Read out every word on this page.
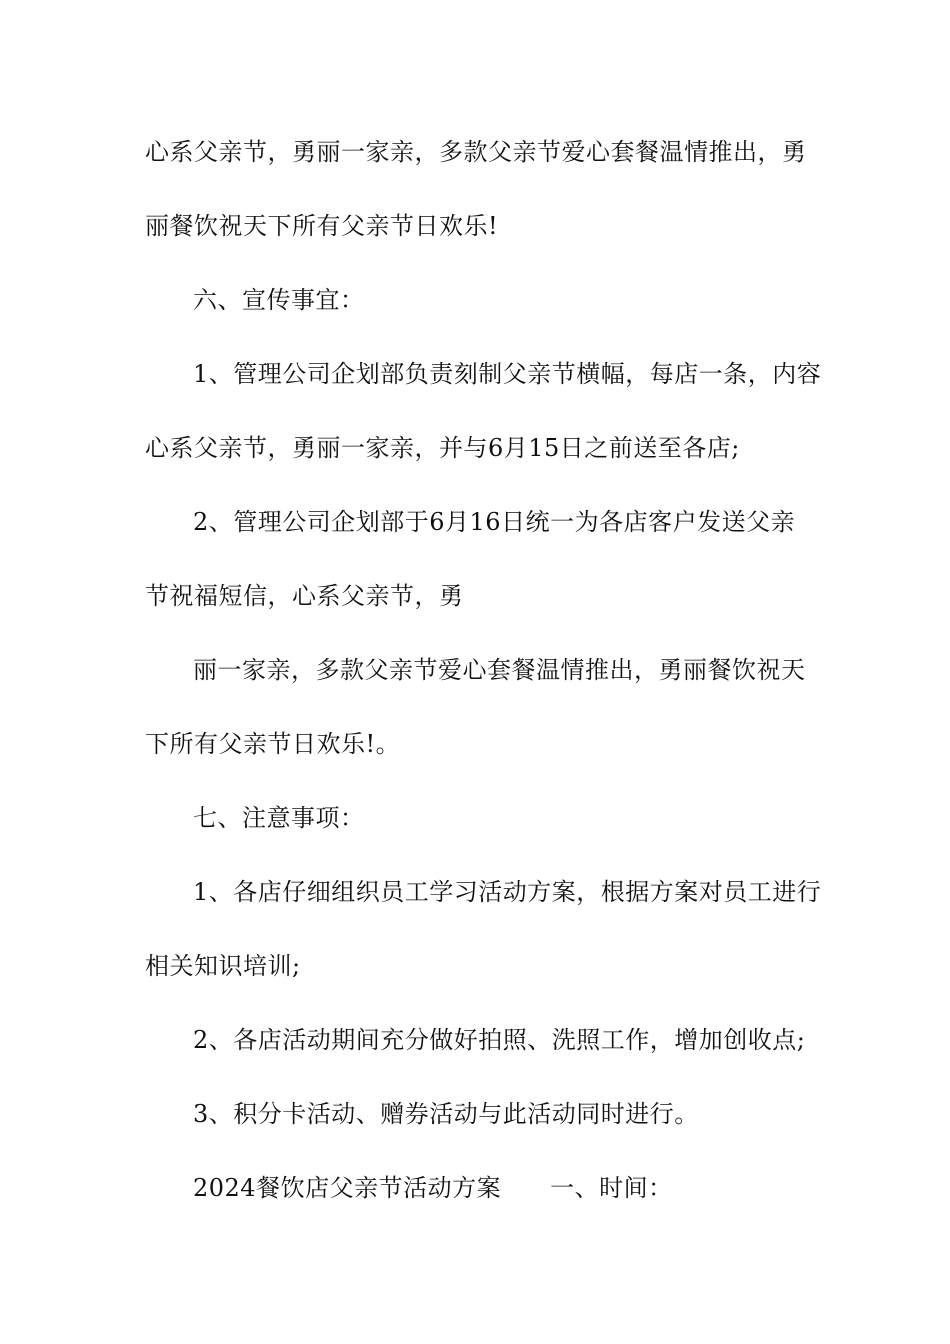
心系父亲节，勇丽一家亲，多款父亲节爱心套餐温情推出，勇
丽餐饮祝天下所有父亲节日欢乐!
六、宣传事宜：
1、管理公司企划部负责刻制父亲节横幅，每店一条，内容
心系父亲节，勇丽一家亲，并与6月15日之前送至各店;
2、管理公司企划部于6月16日统一为各店客户发送父亲
节祝福短信，心系父亲节，勇
丽一家亲，多款父亲节爱心套餐温情推出，勇丽餐饮祝天
下所有父亲节日欢乐!。
七、注意事项：
1、各店仔细组织员工学习活动方案，根据方案对员工进行
相关知识培训;
2、各店活动期间充分做好拍照、洗照工作，增加创收点;
3、积分卡活动、赠券活动与此活动同时进行。
2024餐饮店父亲节活动方案　　一、时间：
